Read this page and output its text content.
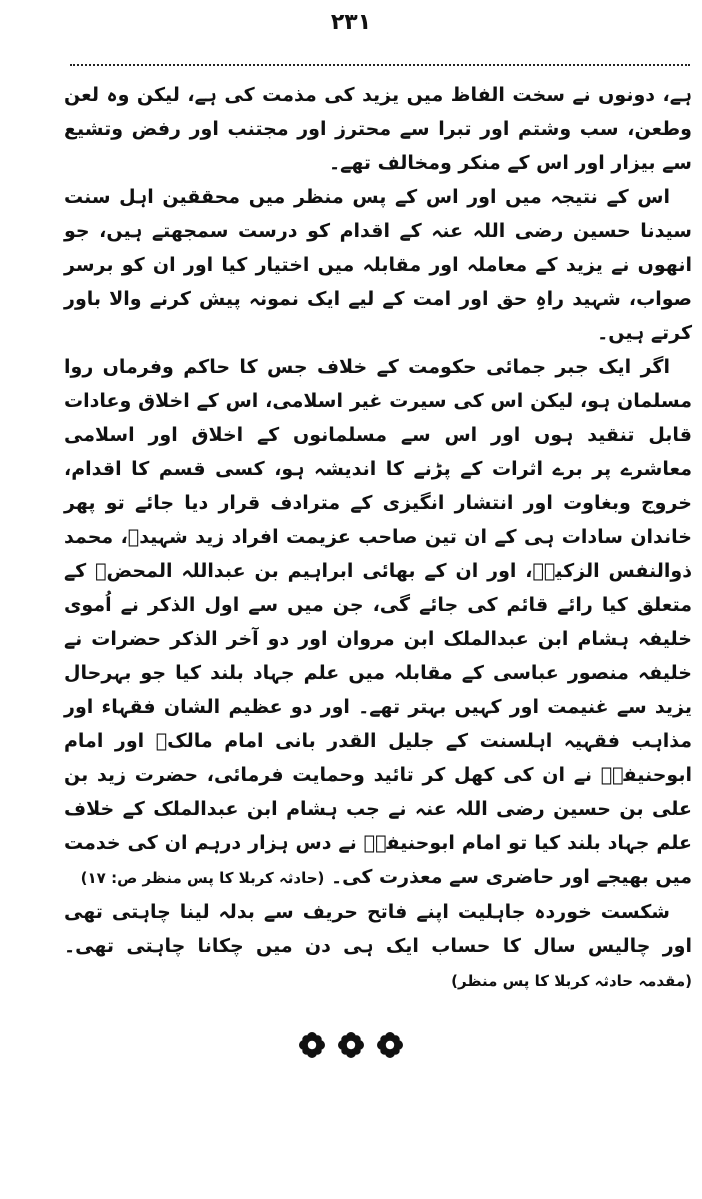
۲۳۱

ہے، دونوں نے سخت الفاظ میں یزید کی مذمت کی ہے، لیکن وہ لعن وطعن، سب وشتم اور تبرا سے محترز اور مجتنب اور رفض وتشیع سے بیزار اور اس کے منکر ومخالف تھے۔

اس کے نتیجہ میں اور اس کے پس منظر میں محققین اہل سنت سیدنا حسین رضی اللہ عنہ کے اقدام کو درست سمجھتے ہیں، جو انھوں نے یزید کے معاملہ اور مقابلہ میں اختیار کیا اور ان کو برسر صواب، شہید راہِ حق اور امت کے لیے ایک نمونہ پیش کرنے والا باور کرتے ہیں۔

اگر ایک جبر جمائی حکومت کے خلاف جس کا حاکم وفرماں روا مسلمان ہو، لیکن اس کی سیرت غیر اسلامی، اس کے اخلاق وعادات قابل تنقید ہوں اور اس سے مسلمانوں کے اخلاق اور اسلامی معاشرے پر برے اثرات کے پڑنے کا اندیشہ ہو، کسی قسم کا اقدام، خروج وبغاوت اور انتشار انگیزی کے مترادف قرار دیا جائے تو پھر خاندان سادات ہی کے ان تین صاحب عزیمت افراد زید شہیدؒ، محمد ذوالنفس الزکیہؒ، اور ان کے بھائی ابراہیم بن عبداللہ المحضؒ کے متعلق کیا رائے قائم کی جائے گی، جن میں سے اول الذکر نے اُموی خلیفہ ہشام ابن عبدالملک ابن مروان اور دو آخر الذکر حضرات نے خلیفہ منصور عباسی کے مقابلہ میں علم جہاد بلند کیا جو بہرحال یزید سے غنیمت اور کہیں بہتر تھے۔ اور دو عظیم الشان فقہاء اور مذاہب فقہیہ اہلسنت کے جلیل القدر بانی امام مالکؒ اور امام ابوحنیفہؒ نے ان کی کھل کر تائید وحمایت فرمائی، حضرت زید بن علی بن حسین رضی اللہ عنہ نے جب ہشام ابن عبدالملک کے خلاف علم جہاد بلند کیا تو امام ابوحنیفہؒ نے دس ہزار درہم ان کی خدمت میں بھیجے اور حاضری سے معذرت کی۔ (حادثہ کربلا کا پس منظر ص: ۱۷)

شکست خوردہ جاہلیت اپنے فاتح حریف سے بدلہ لینا چاہتی تھی اور چالیس سال کا حساب ایک ہی دن میں چکانا چاہتی تھی۔ (مقدمہ حادثہ کربلا کا پس منظر)
